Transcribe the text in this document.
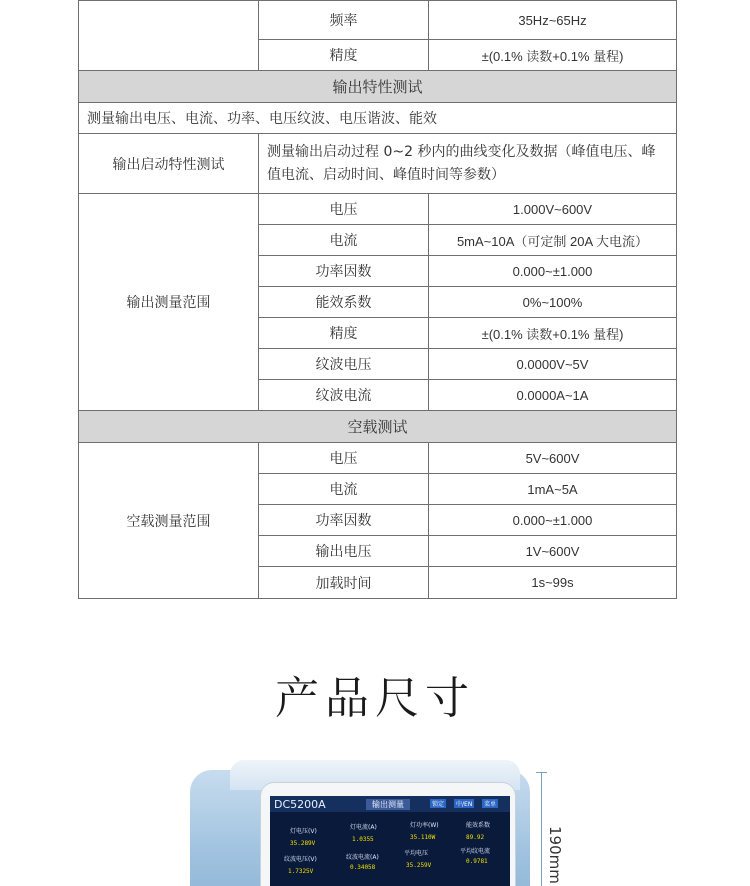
	频率	35Hz~65Hz
	精度	±(0.1% 读数+0.1% 量程)
输出特性测试		
测量输出电压、电流、功率、电压纹波、电压谐波、能效		
输出启动特性测试	测量输出启动过程 0~2 秒内的曲线变化及数据（峰值电压、峰值电流、启动时间、峰值时间等参数）	
输出测量范围	电压	1.000V~600V
	电流	5mA~10A（可定制 20A 大电流）
	功率因数	0.000~±1.000
	能效系数	0%~100%
	精度	±(0.1% 读数+0.1% 量程)
	纹波电压	0.0000V~5V
	纹波电流	0.0000A~1A
空载测试		
空载测量范围	电压	5V~600V
	电流	1mA~5A
	功率因数	0.000~±1.000
	输出电压	1V~600V
	加载时间	1s~99s
产品尺寸
DC5200A	输出测量	锁定	中/EN	菜单
灯电压(V)
灯电流(A)	灯功率(W)	能效系数
35.289V
1.0355	35.110W	89.92
纹波电压(V)	纹波电流(A)
平均电压	平均纹电流
1.7325V
0.34058	35.259V
0.9781	190mm
